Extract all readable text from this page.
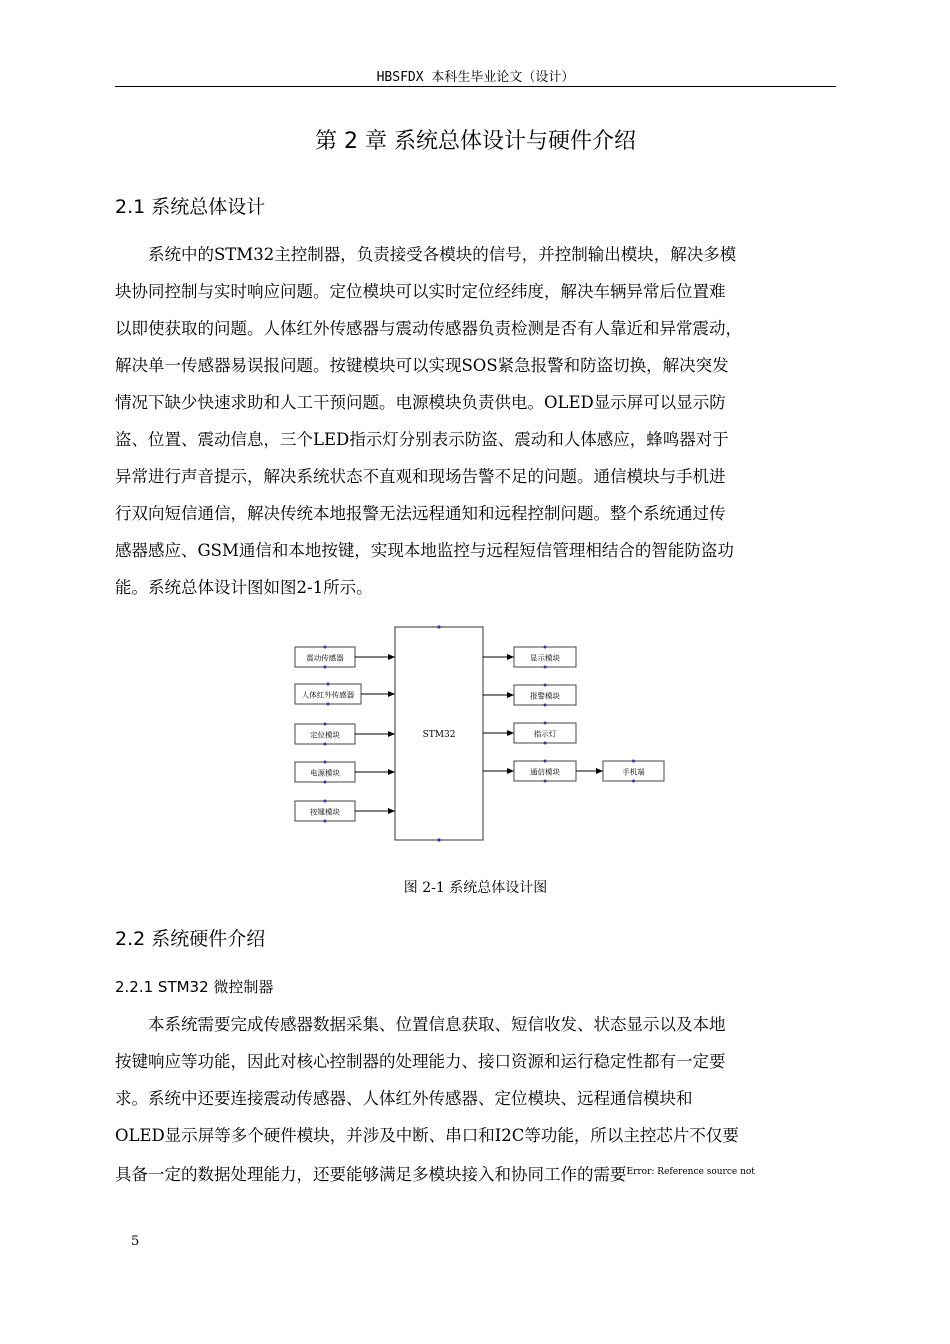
HBSFDX 本科生毕业论文（设计）
第 2 章 系统总体设计与硬件介绍
2.1 系统总体设计
系统中的STM32主控制器，负责接受各模块的信号，并控制输出模块，解决多模
块协同控制与实时响应问题。定位模块可以实时定位经纬度，解决车辆异常后位置难
以即使获取的问题。人体红外传感器与震动传感器负责检测是否有人靠近和异常震动，
解决单一传感器易误报问题。按键模块可以实现SOS紧急报警和防盗切换，解决突发
情况下缺少快速求助和人工干预问题。电源模块负责供电。OLED显示屏可以显示防
盗、位置、震动信息，三个LED指示灯分别表示防盗、震动和人体感应，蜂鸣器对于
异常进行声音提示，解决系统状态不直观和现场告警不足的问题。通信模块与手机进
行双向短信通信，解决传统本地报警无法远程通知和远程控制问题。整个系统通过传
感器感应、GSM通信和本地按键，实现本地监控与远程短信管理相结合的智能防盗功
能。系统总体设计图如图2-1所示。
STM32
震动传感器
人体红外传感器
定位模块
电源模块
按键模块
显示模块
报警模块
指示灯
通信模块	手机端
图 2-1 系统总体设计图
2.2 系统硬件介绍
2.2.1 STM32 微控制器
本系统需要完成传感器数据采集、位置信息获取、短信收发、状态显示以及本地
按键响应等功能，因此对核心控制器的处理能力、接口资源和运行稳定性都有一定要
求。系统中还要连接震动传感器、人体红外传感器、定位模块、远程通信模块和
OLED显示屏等多个硬件模块，并涉及中断、串口和I2C等功能，所以主控芯片不仅要
具备一定的数据处理能力，还要能够满足多模块接入和协同工作的需要$^{Error: Reference source not}$
5
